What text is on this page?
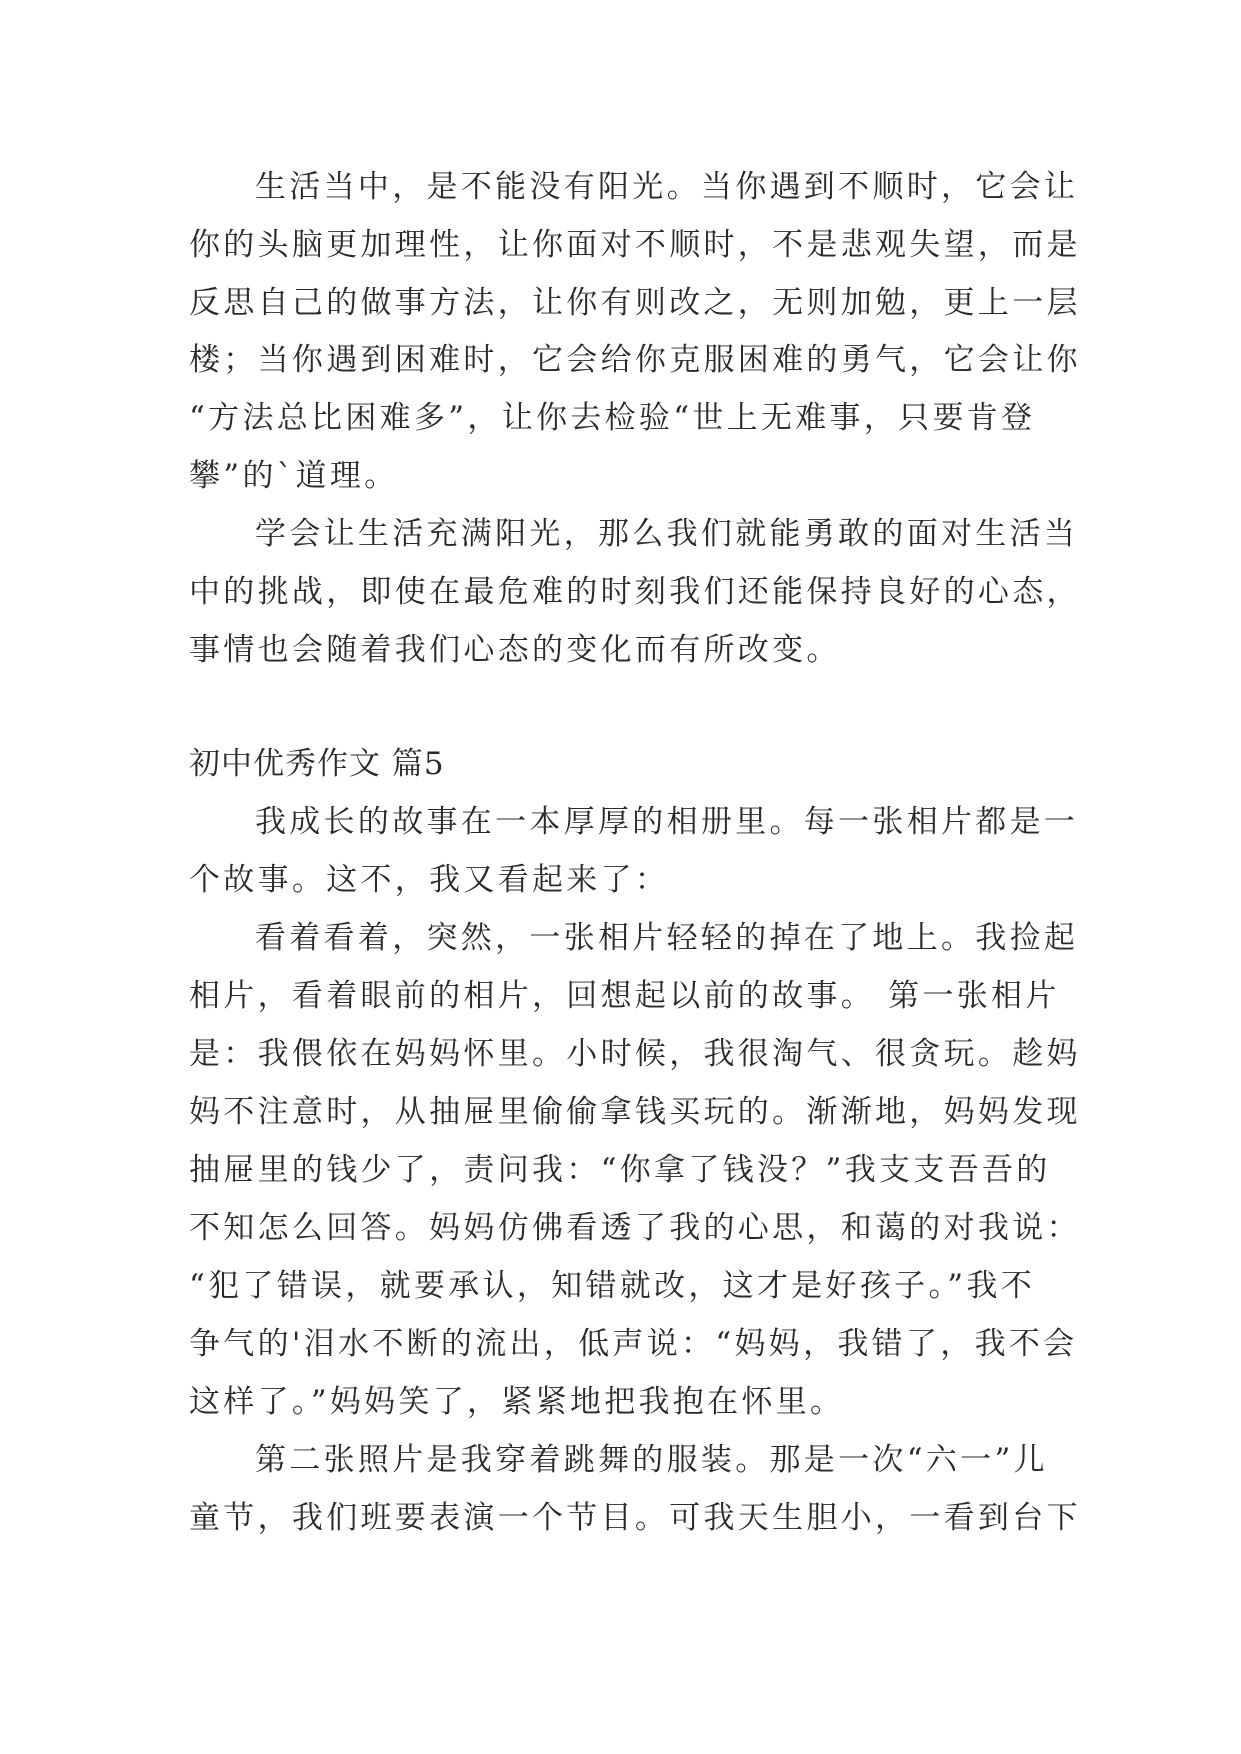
生活当中，是不能没有阳光。当你遇到不顺时，它会让

你的头脑更加理性，让你面对不顺时，不是悲观失望，而是

反思自己的做事方法，让你有则改之，无则加勉，更上一层

楼；当你遇到困难时，它会给你克服困难的勇气，它会让你

“方法总比困难多”，让你去检验“世上无难事，只要肯登

攀”的`道理。

学会让生活充满阳光，那么我们就能勇敢的面对生活当

中的挑战，即使在最危难的时刻我们还能保持良好的心态，

事情也会随着我们心态的变化而有所改变。

初中优秀作文 篇5

我成长的故事在一本厚厚的相册里。每一张相片都是一

个故事。这不，我又看起来了：

看着看着，突然，一张相片轻轻的掉在了地上。我捡起

相片，看着眼前的相片，回想起以前的故事。 第一张相片

是：我偎依在妈妈怀里。小时候，我很淘气、很贪玩。趁妈

妈不注意时，从抽屉里偷偷拿钱买玩的。渐渐地，妈妈发现

抽屉里的钱少了，责问我：“你拿了钱没？”我支支吾吾的

不知怎么回答。妈妈仿佛看透了我的心思，和蔼的对我说：

“犯了错误，就要承认，知错就改，这才是好孩子。”我不

争气的'泪水不断的流出，低声说：“妈妈，我错了，我不会

这样了。”妈妈笑了，紧紧地把我抱在怀里。

第二张照片是我穿着跳舞的服装。那是一次“六一”儿

童节，我们班要表演一个节目。可我天生胆小，一看到台下
